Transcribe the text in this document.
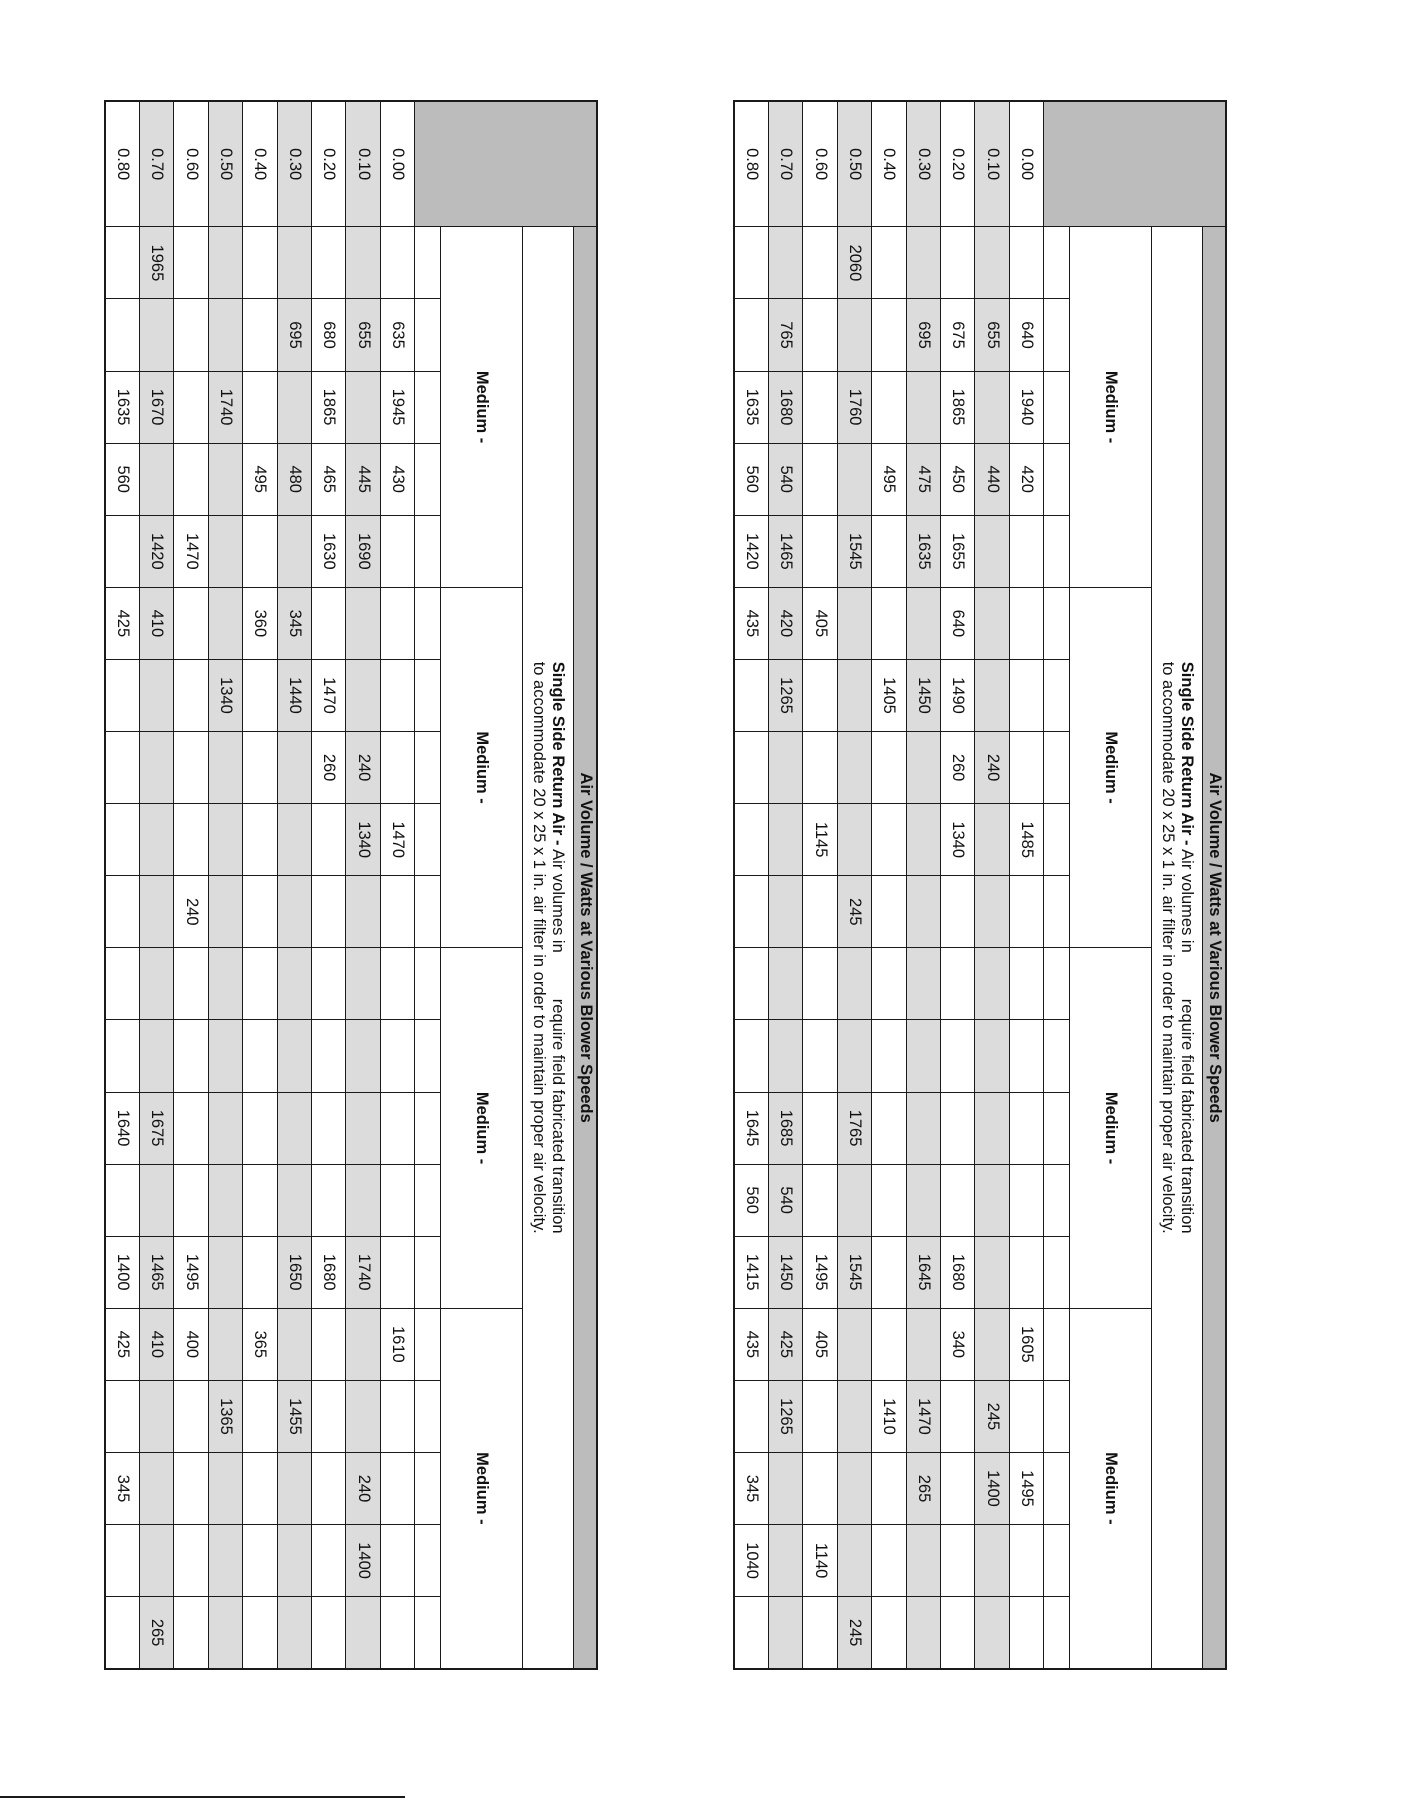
	Air Volume / Watts at Various Blower Speeds																			
	Single Side Return Air - Air volumes inrequire field fabricated transition
to accommodate 20 x 25 x 1 in. air filter in order to maintain proper air velocity.																			
	Medium -					Medium -					Medium -					Medium -				

0.00		640	1940	420					1485							1605		1495		
0.10		655		440				240									245	1400		
0.20		675	1865	450	1655	640	1490	260	1340						1680	340				
0.30		695		475	1635		1450								1645		1470	265		
0.40				495			1405										1410			
0.50	2060		1760		1545					245			1765		1545					245
0.60						405			1145						1495	405			1140	
0.70		765	1680	540	1465	420	1265						1685	540	1450	425	1265			
0.80			1635	560	1420	435							1645	560	1415	435		345	1040	
	Air Volume / Watts at Various Blower Speeds																			
	Single Side Return Air - Air volumes inrequire field fabricated transition
to accommodate 20 x 25 x 1 in. air filter in order to maintain proper air velocity.																			
	Medium -					Medium -					Medium -					Medium -				

0.00		635	1945	430					1470							1610				
0.10		655		445	1690			240	1340						1740			240	1400	
0.20		680	1865	465	1630		1470	260							1680					
0.30		695		480		345	1440								1650		1455			
0.40				495		360										365				
0.50			1740				1340										1365			
0.60					1470					240					1495	400				
0.70	1965		1670		1420	410							1675		1465	410				265
0.80			1635	560		425							1640		1400	425		345		
